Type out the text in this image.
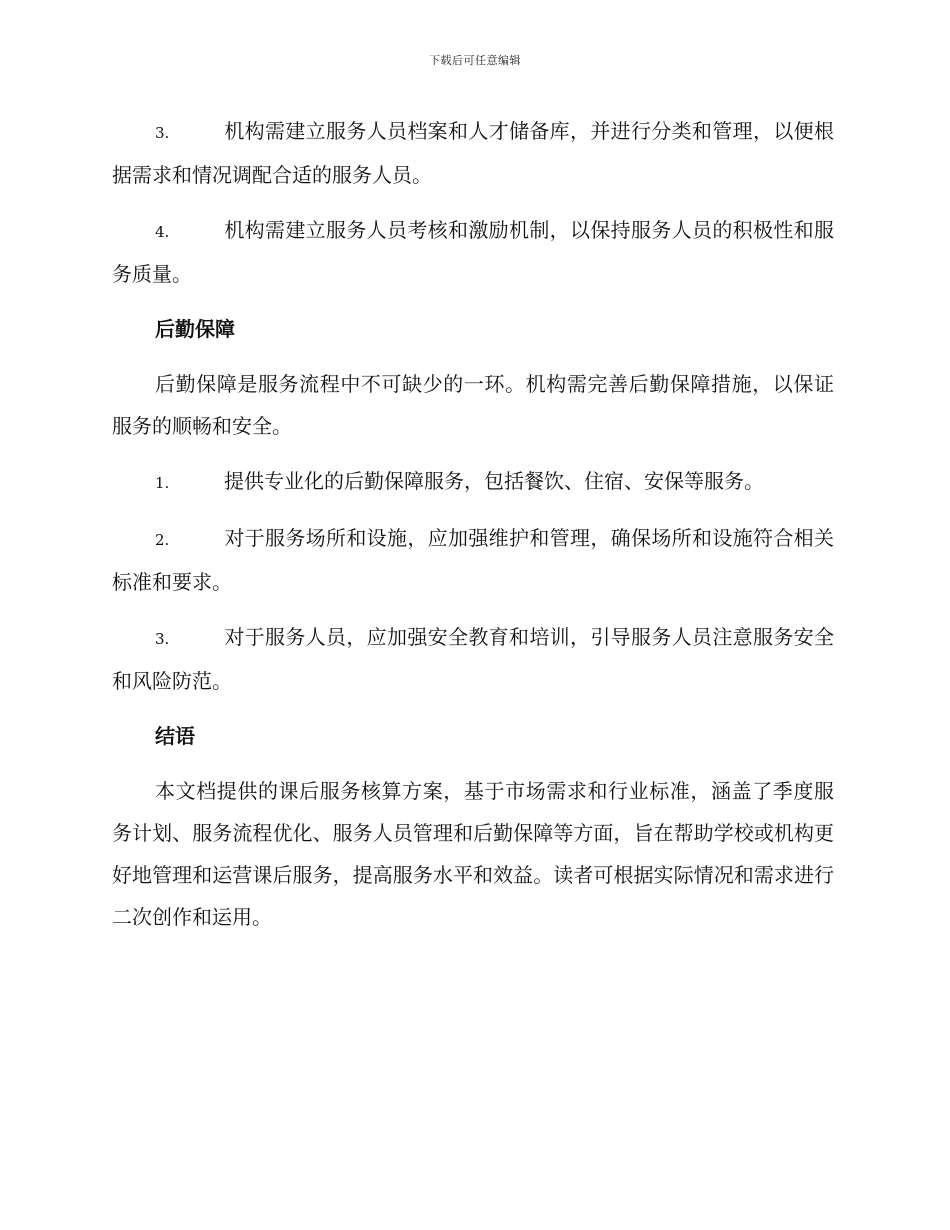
下载后可任意编辑

3.	机构需建立服务人员档案和人才储备库，并进行分类和管理，以便根据需求和情况调配合适的服务人员。

4.	机构需建立服务人员考核和激励机制，以保持服务人员的积极性和服务质量。

后勤保障

后勤保障是服务流程中不可缺少的一环。机构需完善后勤保障措施，以保证服务的顺畅和安全。

1.	提供专业化的后勤保障服务，包括餐饮、住宿、安保等服务。

2.	对于服务场所和设施，应加强维护和管理，确保场所和设施符合相关标准和要求。

3.	对于服务人员，应加强安全教育和培训，引导服务人员注意服务安全和风险防范。

结语

本文档提供的课后服务核算方案，基于市场需求和行业标准，涵盖了季度服务计划、服务流程优化、服务人员管理和后勤保障等方面，旨在帮助学校或机构更好地管理和运营课后服务，提高服务水平和效益。读者可根据实际情况和需求进行二次创作和运用。
